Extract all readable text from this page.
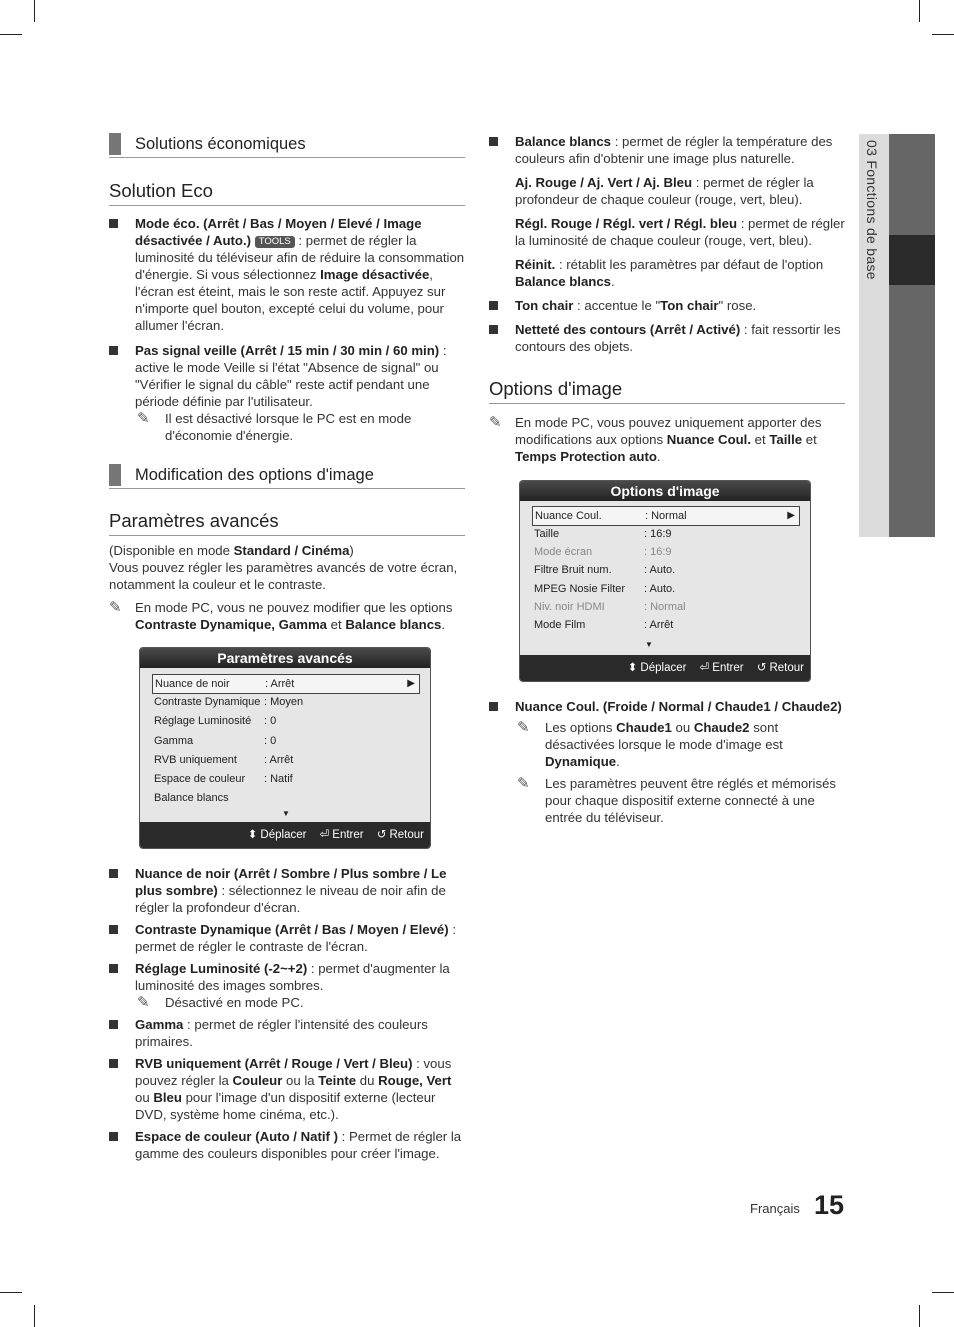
03 Fonctions de base
Solutions économiques
Solution Eco
Mode éco. (Arrêt / Bas / Moyen / Elevé / Image désactivée / Auto.) TOOLS : permet de régler la luminosité du téléviseur afin de réduire la consommation d'énergie. Si vous sélectionnez Image désactivée, l'écran est éteint, mais le son reste actif. Appuyez sur n'importe quel bouton, excepté celui du volume, pour allumer l'écran.
Pas signal veille (Arrêt / 15 min / 30 min / 60 min) : active le mode Veille si l'état "Absence de signal" ou "Vérifier le signal du câble" reste actif pendant une période définie par l'utilisateur.
✎ Il est désactivé lorsque le PC est en mode d'économie d'énergie.
Modification des options d'image
Paramètres avancés
(Disponible en mode Standard / Cinéma)
Vous pouvez régler les paramètres avancés de votre écran, notamment la couleur et le contraste.
✎ En mode PC, vous ne pouvez modifier que les options Contraste Dynamique, Gamma et Balance blancs.
Paramètres avancés
Nuance de noir	: Arrêt	▶
Contraste Dynamique : Moyen
Réglage Luminosité : 0
Gamma	: 0
RVB uniquement : Arrêt
Espace de couleur : Natif
Balance blancs
▼
⬍ Déplacer ⏎ Entrer ↺ Retour
Nuance de noir (Arrêt / Sombre / Plus sombre / Le plus sombre) : sélectionnez le niveau de noir afin de régler la profondeur d'écran.
Contraste Dynamique (Arrêt / Bas / Moyen / Elevé) : permet de régler le contraste de l'écran.
Réglage Luminosité (-2~+2) : permet d'augmenter la luminosité des images sombres.
✎ Désactivé en mode PC.
Gamma : permet de régler l'intensité des couleurs primaires.
RVB uniquement (Arrêt / Rouge / Vert / Bleu) : vous pouvez régler la Couleur ou la Teinte du Rouge, Vert ou Bleu pour l'image d'un dispositif externe (lecteur DVD, système home cinéma, etc.).
Espace de couleur (Auto / Natif ) : Permet de régler la gamme des couleurs disponibles pour créer l'image.
Balance blancs : permet de régler la température des couleurs afin d'obtenir une image plus naturelle.
Aj. Rouge / Aj. Vert / Aj. Bleu : permet de régler la profondeur de chaque couleur (rouge, vert, bleu).
Régl. Rouge / Régl. vert / Régl. bleu : permet de régler la luminosité de chaque couleur (rouge, vert, bleu).
Réinit. : rétablit les paramètres par défaut de l'option Balance blancs.
Ton chair : accentue le "Ton chair" rose.
Netteté des contours (Arrêt / Activé) : fait ressortir les contours des objets.
Options d'image
✎ En mode PC, vous pouvez uniquement apporter des modifications aux options Nuance Coul. et Taille et Temps Protection auto.
Options d'image
Nuance Coul.	: Normal	▶
Taille	: 16:9
Mode écran	: 16:9
Filtre Bruit num.	: Auto.
MPEG Nosie Filter : Auto.
Niv. noir HDMI	: Normal
Mode Film	: Arrêt
▼
⬍ Déplacer ⏎ Entrer ↺ Retour
Nuance Coul. (Froide / Normal / Chaude1 / Chaude2)
✎ Les options Chaude1 ou Chaude2 sont désactivées lorsque le mode d'image est Dynamique.
✎ Les paramètres peuvent être réglés et mémorisés pour chaque dispositif externe connecté à une entrée du téléviseur.
Français 15
